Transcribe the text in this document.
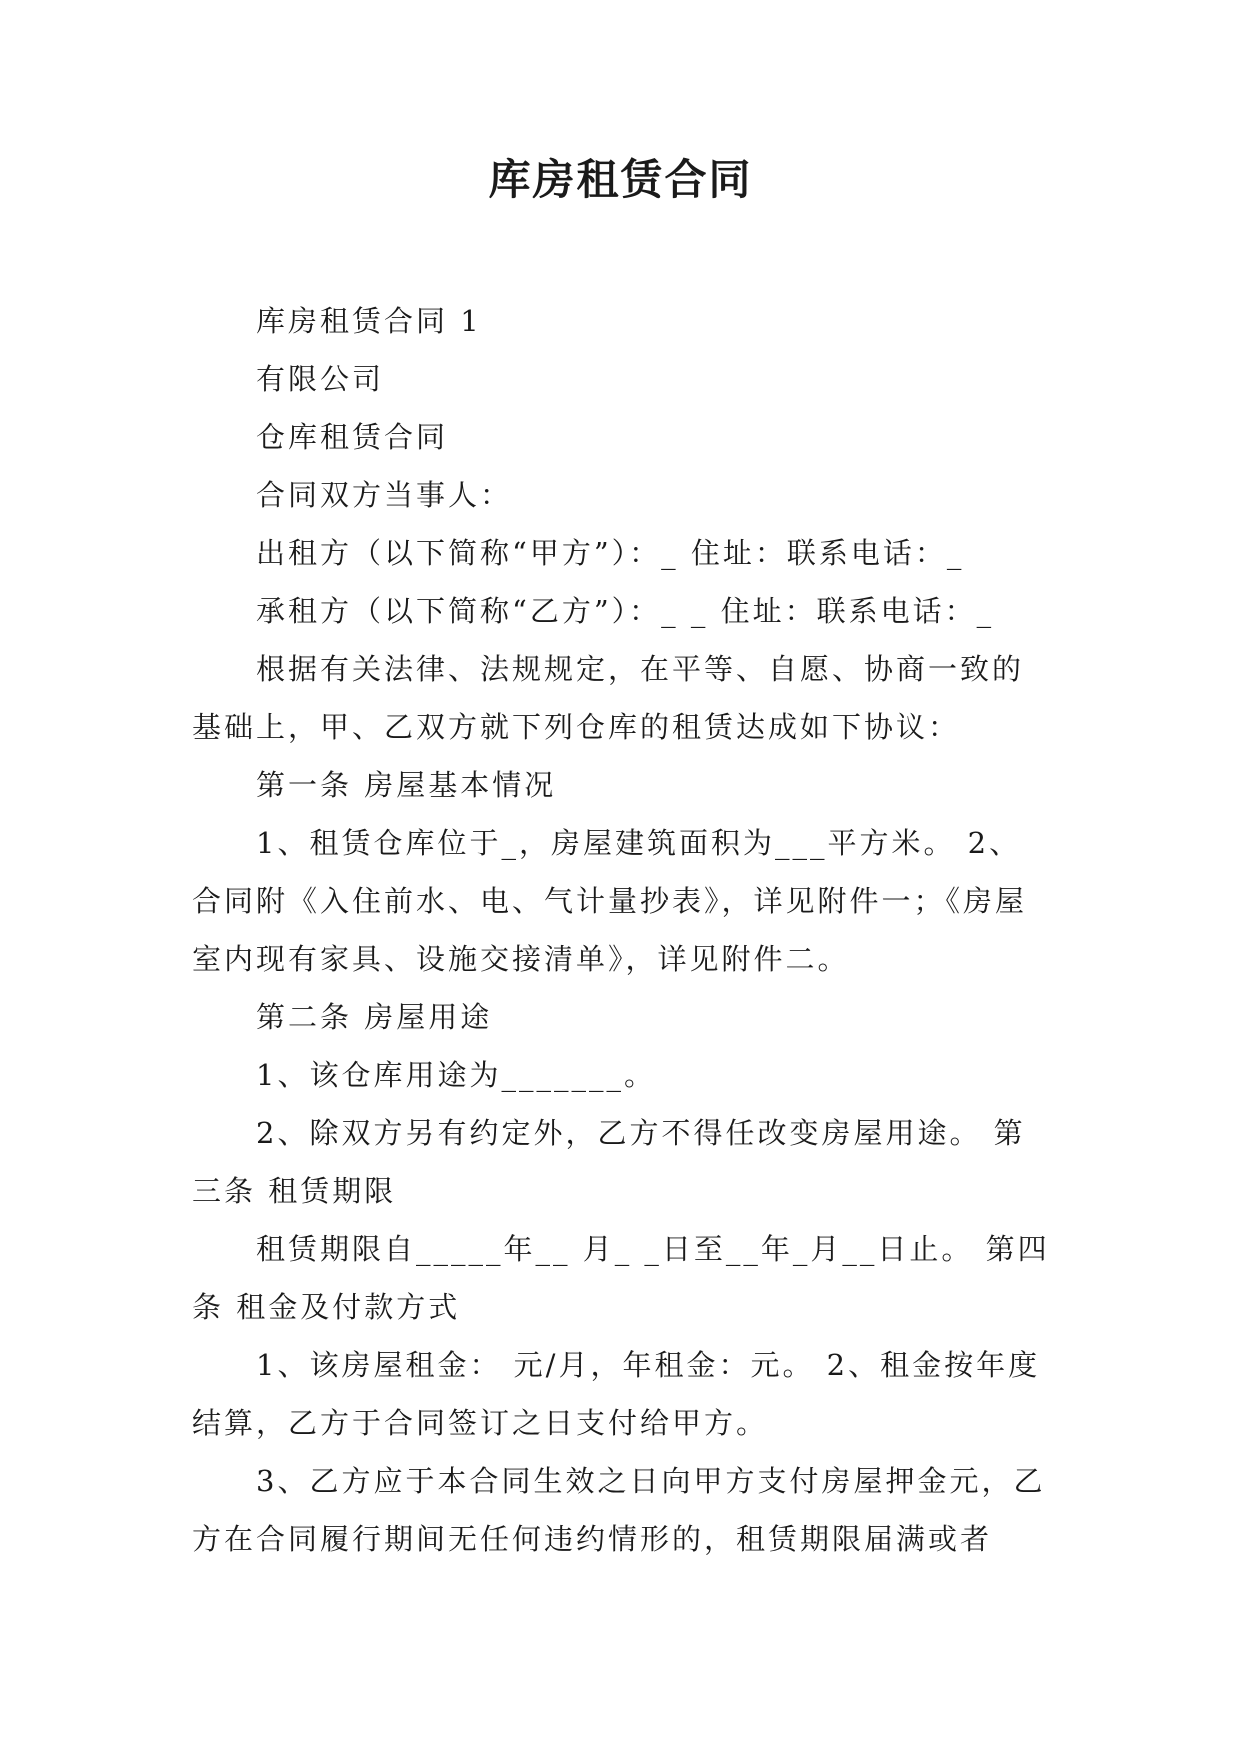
库房租赁合同

库房租赁合同 1

有限公司

仓库租赁合同

合同双方当事人：

出租方（以下简称“甲方”）：_ 住址：联系电话：_

承租方（以下简称“乙方”）：_ _ 住址：联系电话：_

根据有关法律、法规规定，在平等、自愿、协商一致的基础上，甲、乙双方就下列仓库的租赁达成如下协议：

第一条 房屋基本情况

1、租赁仓库位于_，房屋建筑面积为___平方米。 2、合同附《入住前水、电、气计量抄表》，详见附件一；《房屋室内现有家具、设施交接清单》，详见附件二。

第二条 房屋用途

1、该仓库用途为_______。

2、除双方另有约定外，乙方不得任改变房屋用途。 第三条 租赁期限

租赁期限自_____年__ 月_ _日至__年_月__日止。 第四条 租金及付款方式

1、该房屋租金： 元/月，年租金：元。 2、租金按年度结算，乙方于合同签订之日支付给甲方。

3、乙方应于本合同生效之日向甲方支付房屋押金元，乙方在合同履行期间无任何违约情形的，租赁期限届满或者
